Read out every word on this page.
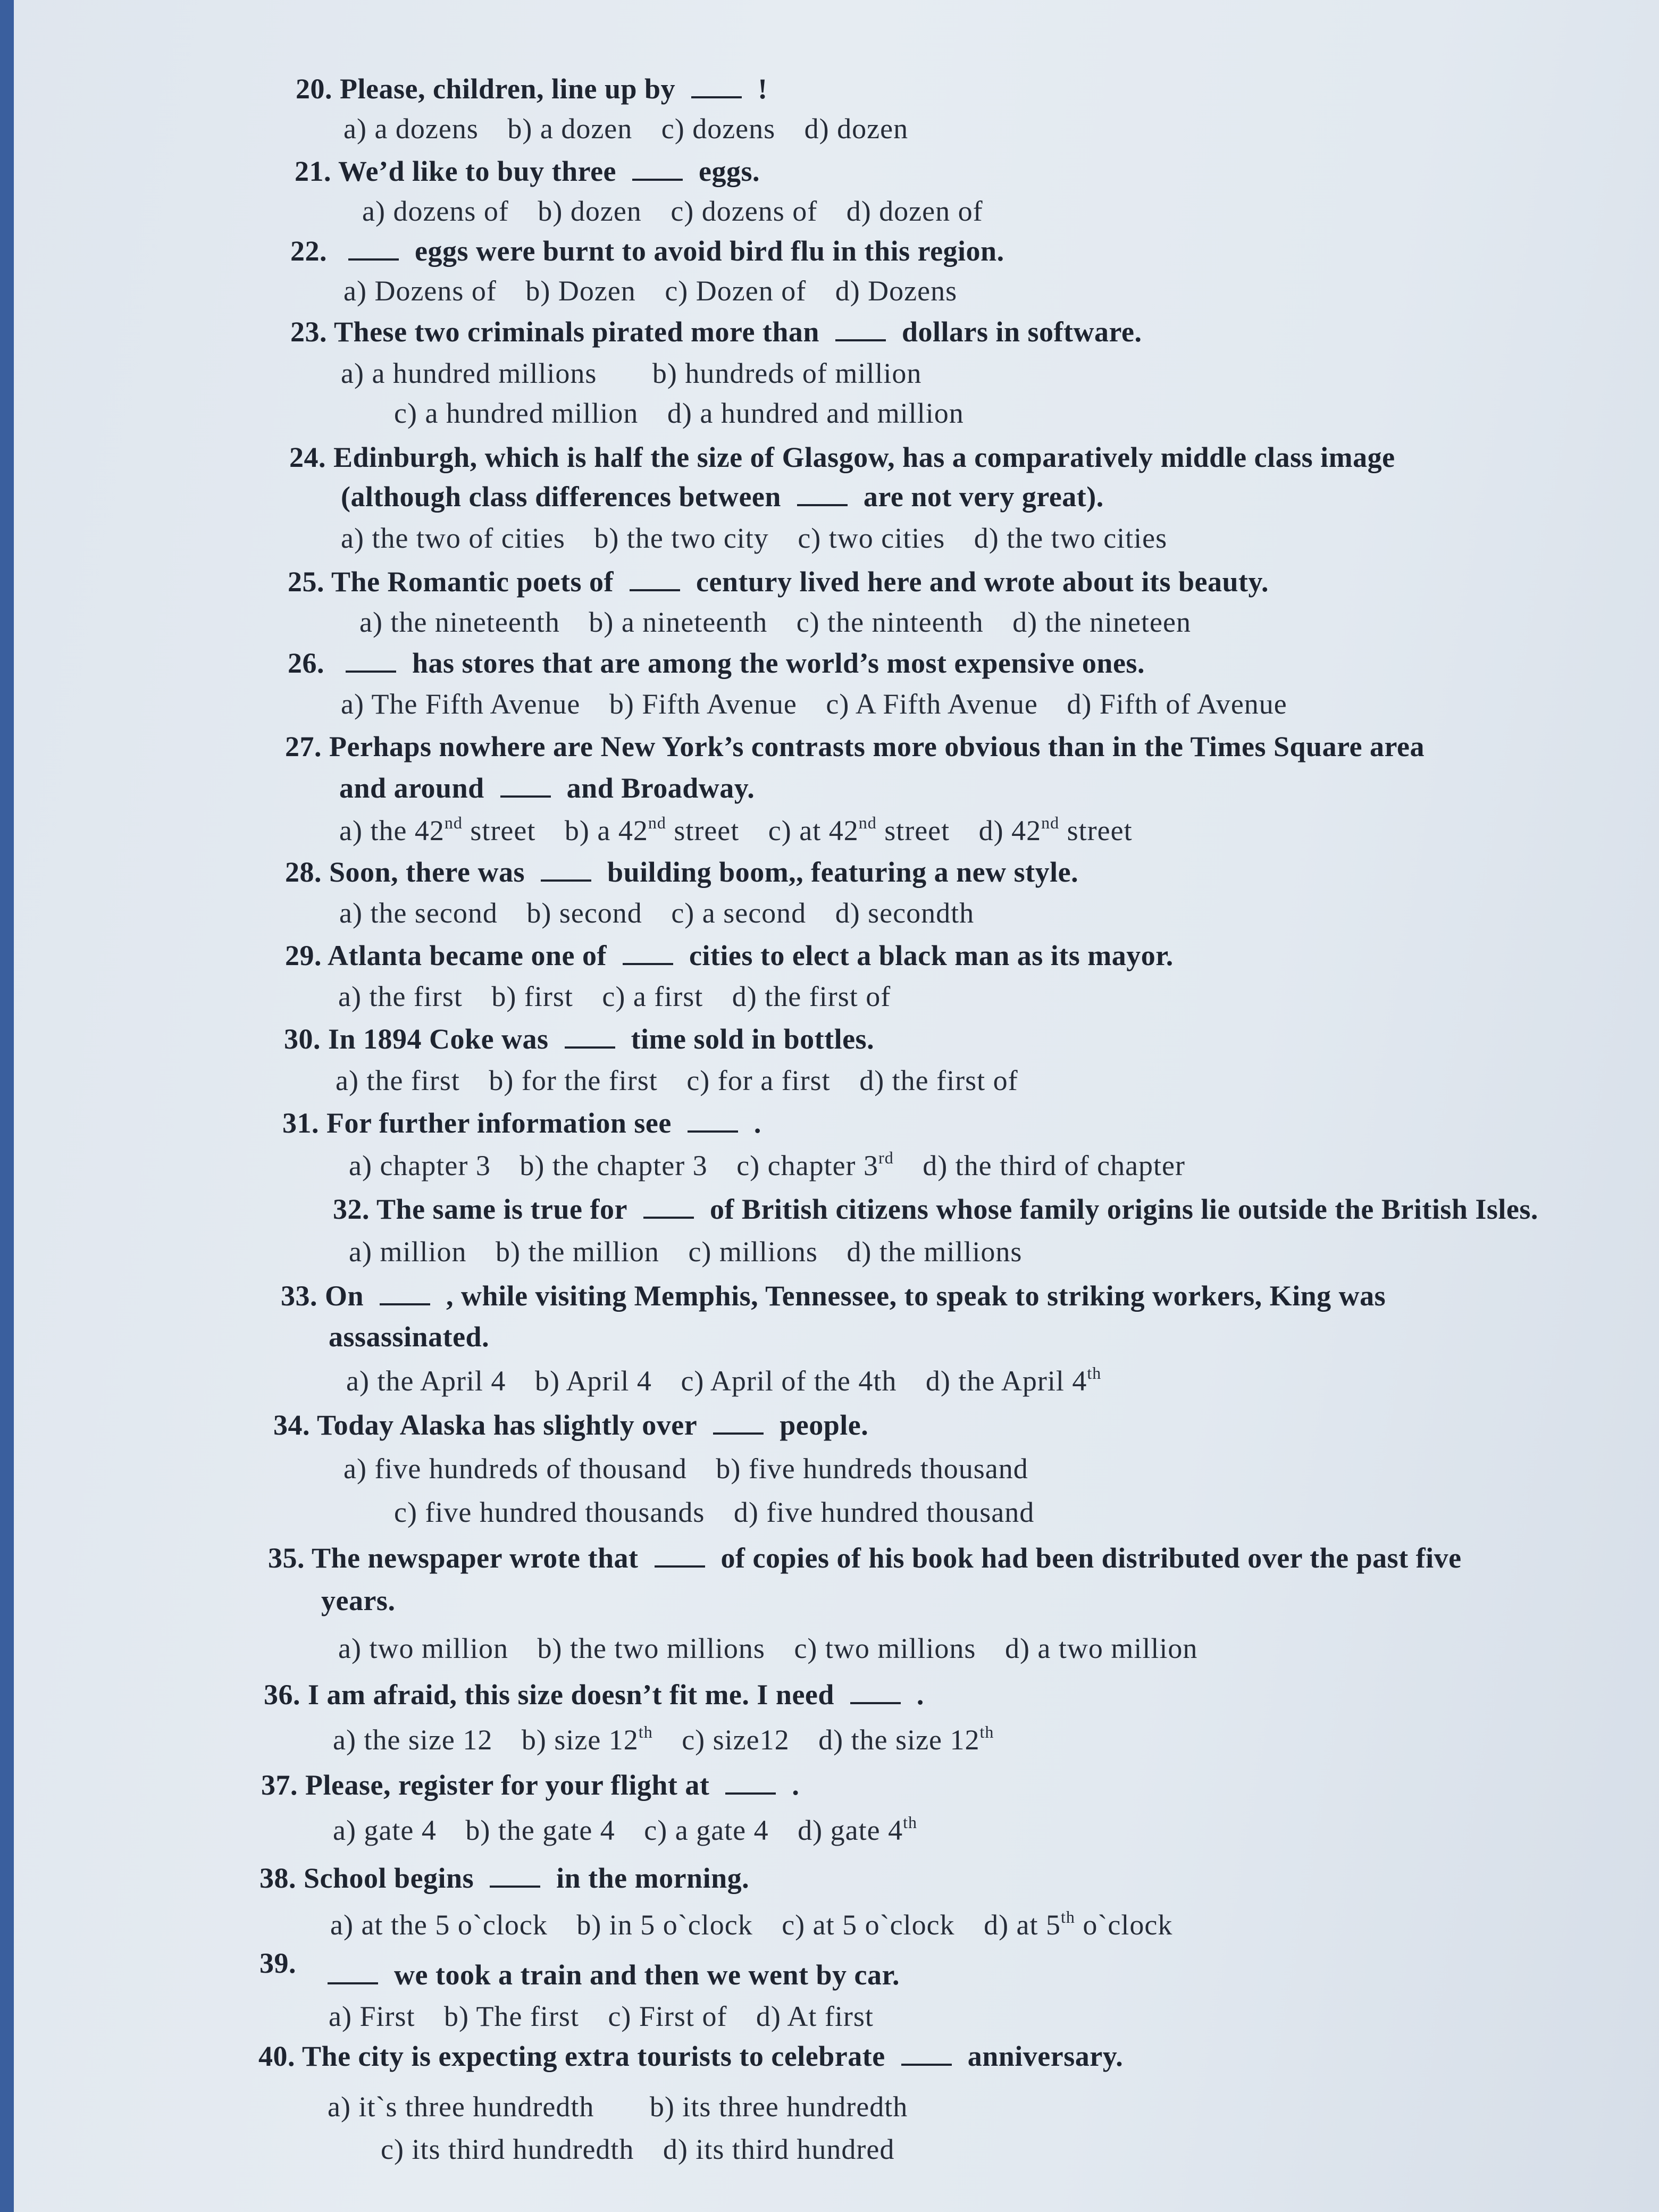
20. Please, children, line up by	!
a) a dozens b) a dozen c) dozens d) dozen
21. We’d like to buy three	eggs.
a) dozens of b) dozen c) dozens of d) dozen of
22.	eggs were burnt to avoid bird flu in this region.
a) Dozens of b) Dozen c) Dozen of d) Dozens
23. These two criminals pirated more than	dollars in software.
a) a hundred millions b) hundreds of million
c) a hundred million d) a hundred and million
24. Edinburgh, which is half the size of Glasgow, has a comparatively middle class image
(although class differences between	are not very great).
a) the two of cities b) the two city c) two cities d) the two cities
25. The Romantic poets of	century lived here and wrote about its beauty.
a) the nineteenth b) a nineteenth c) the ninteenth d) the nineteen
26.	has stores that are among the world’s most expensive ones.
a) The Fifth Avenue b) Fifth Avenue c) A Fifth Avenue d) Fifth of Avenue
27. Perhaps nowhere are New York’s contrasts more obvious than in the Times Square area
and around	and Broadway.
a) the 42nd street b) a 42nd street c) at 42nd street d) 42nd street
28. Soon, there was	building boom,, featuring a new style.
a) the second b) second c) a second d) secondth
29. Atlanta became one of	cities to elect a black man as its mayor.
a) the first b) first c) a first d) the first of
30. In 1894 Coke was	time sold in bottles.
a) the first b) for the first c) for a first d) the first of
31. For further information see	.
a) chapter 3 b) the chapter 3 c) chapter 3rd d) the third of chapter
32. The same is true for	of British citizens whose family origins lie outside the British Isles.
a) million b) the million c) millions d) the millions
33. On	, while visiting Memphis, Tennessee, to speak to striking workers, King was
assassinated.
a) the April 4 b) April 4 c) April of the 4th d) the April 4th
34. Today Alaska has slightly over	people.
a) five hundreds of thousand b) five hundreds thousand
c) five hundred thousands d) five hundred thousand
35. The newspaper wrote that	of copies of his book had been distributed over the past five
years.
a) two million b) the two millions c) two millions d) a two million
36. I am afraid, this size doesn’t fit me. I need	.
a) the size 12 b) size 12th c) size12 d) the size 12th
37. Please, register for your flight at	.
a) gate 4 b) the gate 4 c) a gate 4 d) gate 4th
38. School begins	in the morning.
a) at the 5 o`clock b) in 5 o`clock c) at 5 o`clock d) at 5th o`clock
39.	we took a train and then we went by car.
a) First b) The first c) First of d) At first
40. The city is expecting extra tourists to celebrate	anniversary.
a) it`s three hundredth b) its three hundredth
c) its third hundredth d) its third hundred
